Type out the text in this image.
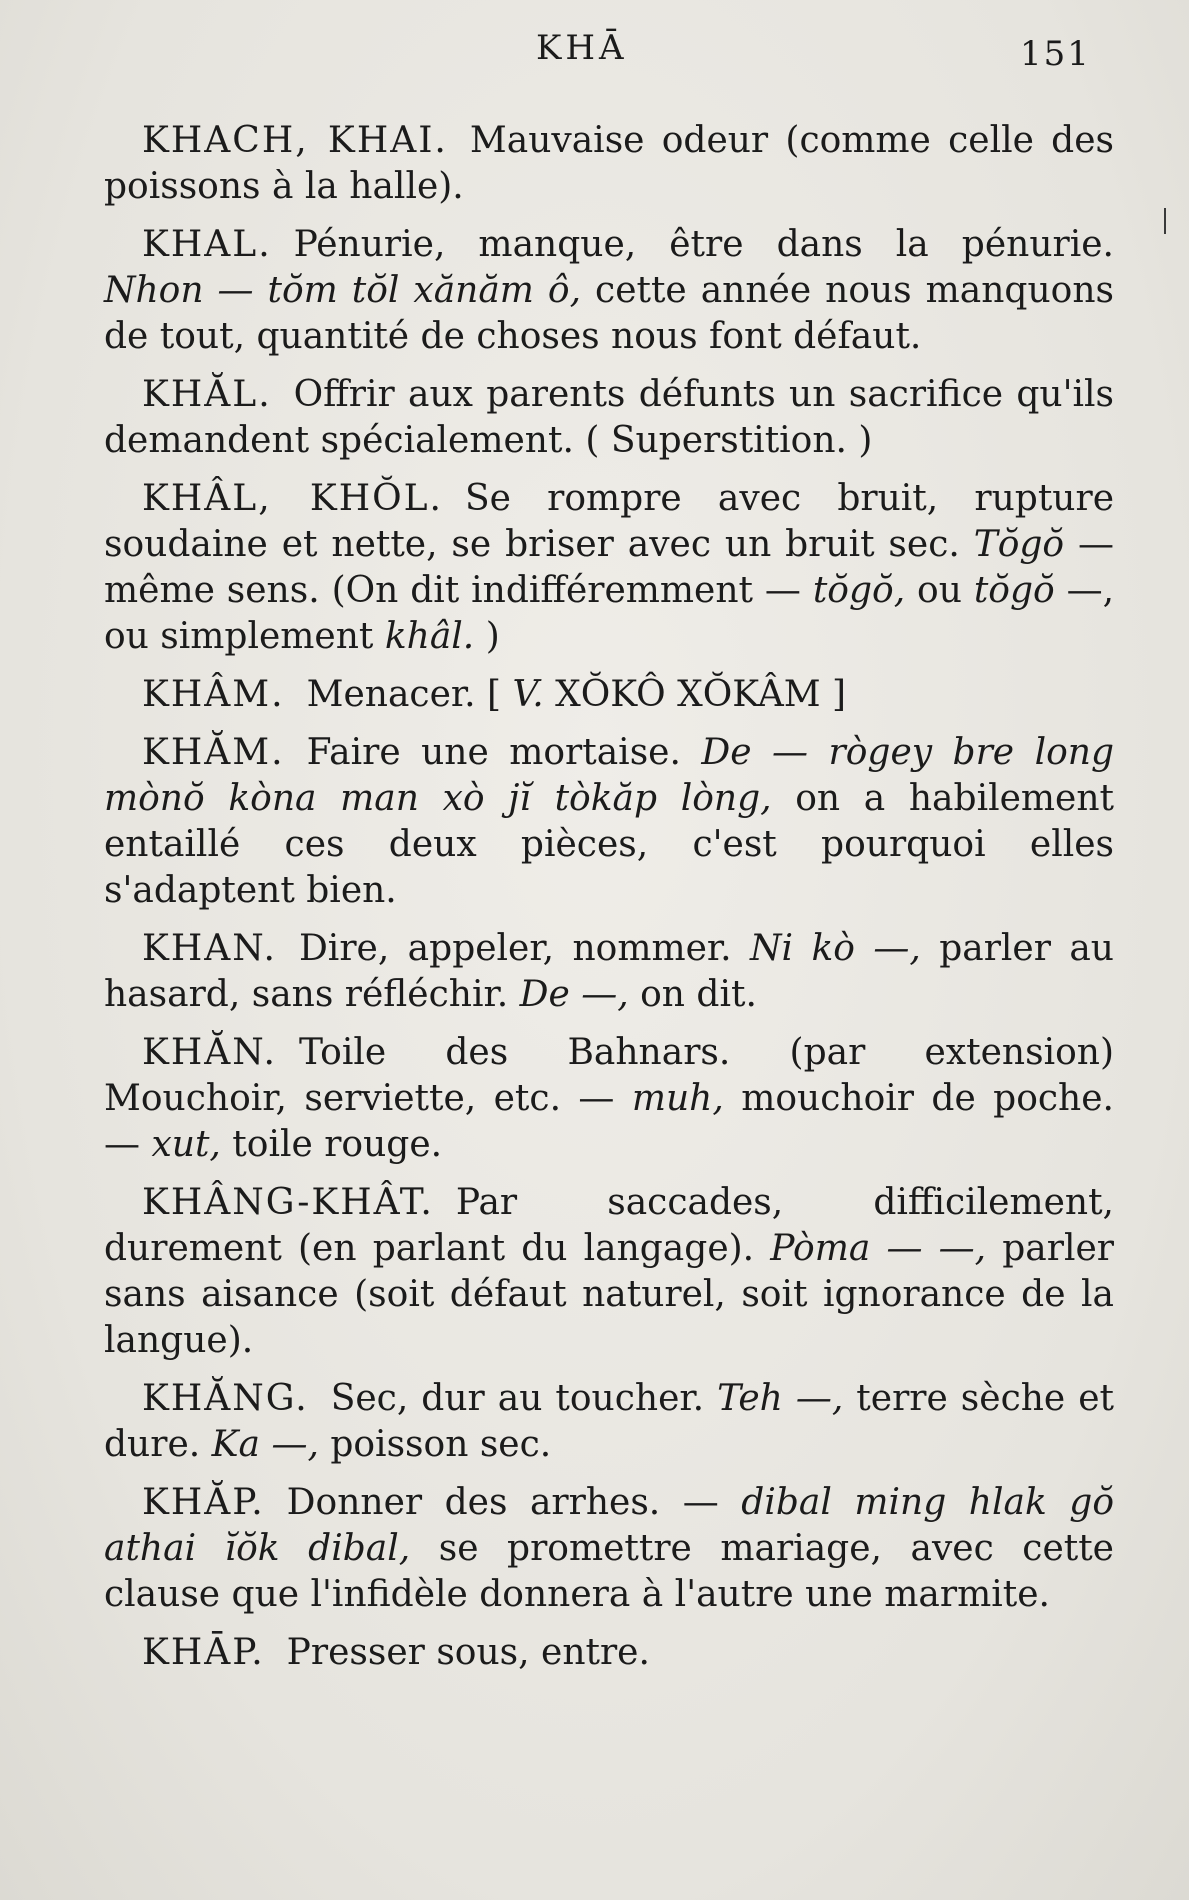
KHĀ	151

KHACH, KHAI. Mauvaise odeur (comme celle des poissons à la halle).

KHAL. Pénurie, manque, être dans la pénurie. Nhon — tŏm tŏl xănăm ô, cette année nous manquons de tout, quantité de choses nous font défaut.

KHĂL. Offrir aux parents défunts un sacrifice qu'ils demandent spécialement. ( Superstition. )

KHÂL, KHŎL. Se rompre avec bruit, rupture soudaine et nette, se briser avec un bruit sec. Tŏgŏ — même sens. (On dit indifféremment — tŏgŏ, ou tŏgŏ —, ou simplement khâl. )

KHÂM. Menacer. [ V. XŎKÔ XŎKÂM ]

KHĂM. Faire une mortaise. De — rògey bre long mònŏ kòna man xò jĭ tòkăp lòng, on a habilement entaillé ces deux pièces, c'est pourquoi elles s'adaptent bien.

KHAN. Dire, appeler, nommer. Ni kò —, parler au hasard, sans réfléchir. De —, on dit.

KHĂN. Toile des Bahnars. (par extension) Mouchoir, serviette, etc. — muh, mouchoir de poche. — xut, toile rouge.

KHÂNG-KHÂT. Par saccades, difficilement, durement (en parlant du langage). Pòma — —, parler sans aisance (soit défaut naturel, soit ignorance de la langue).

KHĂNG. Sec, dur au toucher. Teh —, terre sèche et dure. Ka —, poisson sec.

KHĂP. Donner des arrhes. — dibal ming hlak gŏ athai ĭŏk dibal, se promettre mariage, avec cette clause que l'infidèle donnera à l'autre une marmite.

KHĀP. Presser sous, entre.
